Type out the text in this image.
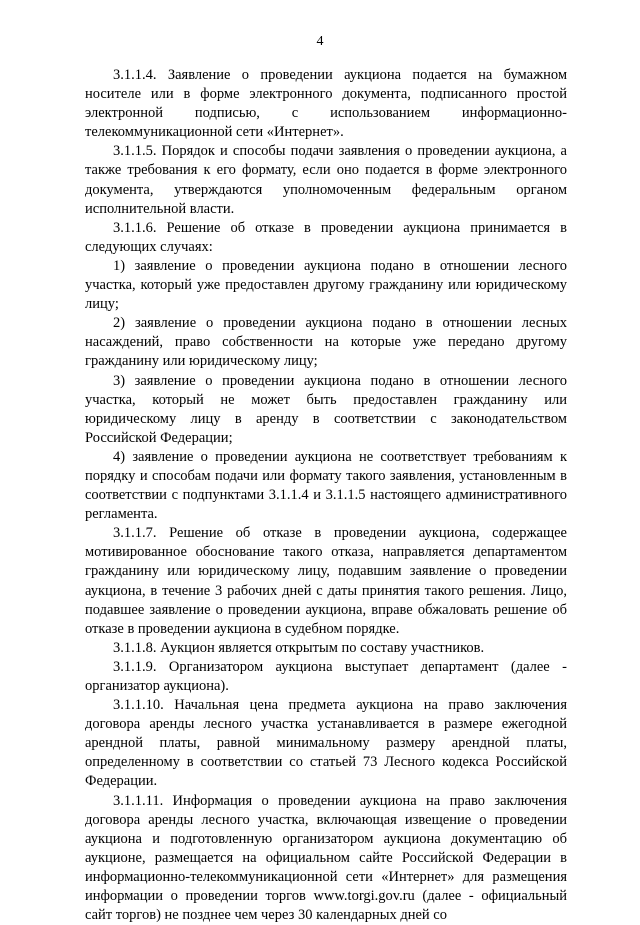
4

3.1.1.4. Заявление о проведении аукциона подается на бумажном носителе или в форме электронного документа, подписанного простой электронной подписью, с использованием информационно-телекоммуникационной сети «Интернет».

3.1.1.5. Порядок и способы подачи заявления о проведении аукциона, а также требования к его формату, если оно подается в форме электронного документа, утверждаются уполномоченным федеральным органом исполнительной власти.

3.1.1.6. Решение об отказе в проведении аукциона принимается в следующих случаях:

1) заявление о проведении аукциона подано в отношении лесного участка, который уже предоставлен другому гражданину или юридическому лицу;

2) заявление о проведении аукциона подано в отношении лесных насаждений, право собственности на которые уже передано другому гражданину или юридическому лицу;

3) заявление о проведении аукциона подано в отношении лесного участка, который не может быть предоставлен гражданину или юридическому лицу в аренду в соответствии с законодательством Российской Федерации;

4) заявление о проведении аукциона не соответствует требованиям к порядку и способам подачи или формату такого заявления, установленным в соответствии с подпунктами 3.1.1.4 и 3.1.1.5 настоящего административного регламента.

3.1.1.7. Решение об отказе в проведении аукциона, содержащее мотивированное обоснование такого отказа, направляется департаментом гражданину или юридическому лицу, подавшим заявление о проведении аукциона, в течение 3 рабочих дней с даты принятия такого решения. Лицо, подавшее заявление о проведении аукциона, вправе обжаловать решение об отказе в проведении аукциона в судебном порядке.

3.1.1.8. Аукцион является открытым по составу участников.

3.1.1.9. Организатором аукциона выступает департамент (далее - организатор аукциона).

3.1.1.10. Начальная цена предмета аукциона на право заключения договора аренды лесного участка устанавливается в размере ежегодной арендной платы, равной минимальному размеру арендной платы, определенному в соответствии со статьей 73 Лесного кодекса Российской Федерации.

3.1.1.11. Информация о проведении аукциона на право заключения договора аренды лесного участка, включающая извещение о проведении аукциона и подготовленную организатором аукциона документацию об аукционе, размещается на официальном сайте Российской Федерации в информационно-телекоммуникационной сети «Интернет» для размещения информации о проведении торгов www.torgi.gov.ru (далее - официальный сайт торгов) не позднее чем через 30 календарных дней со
